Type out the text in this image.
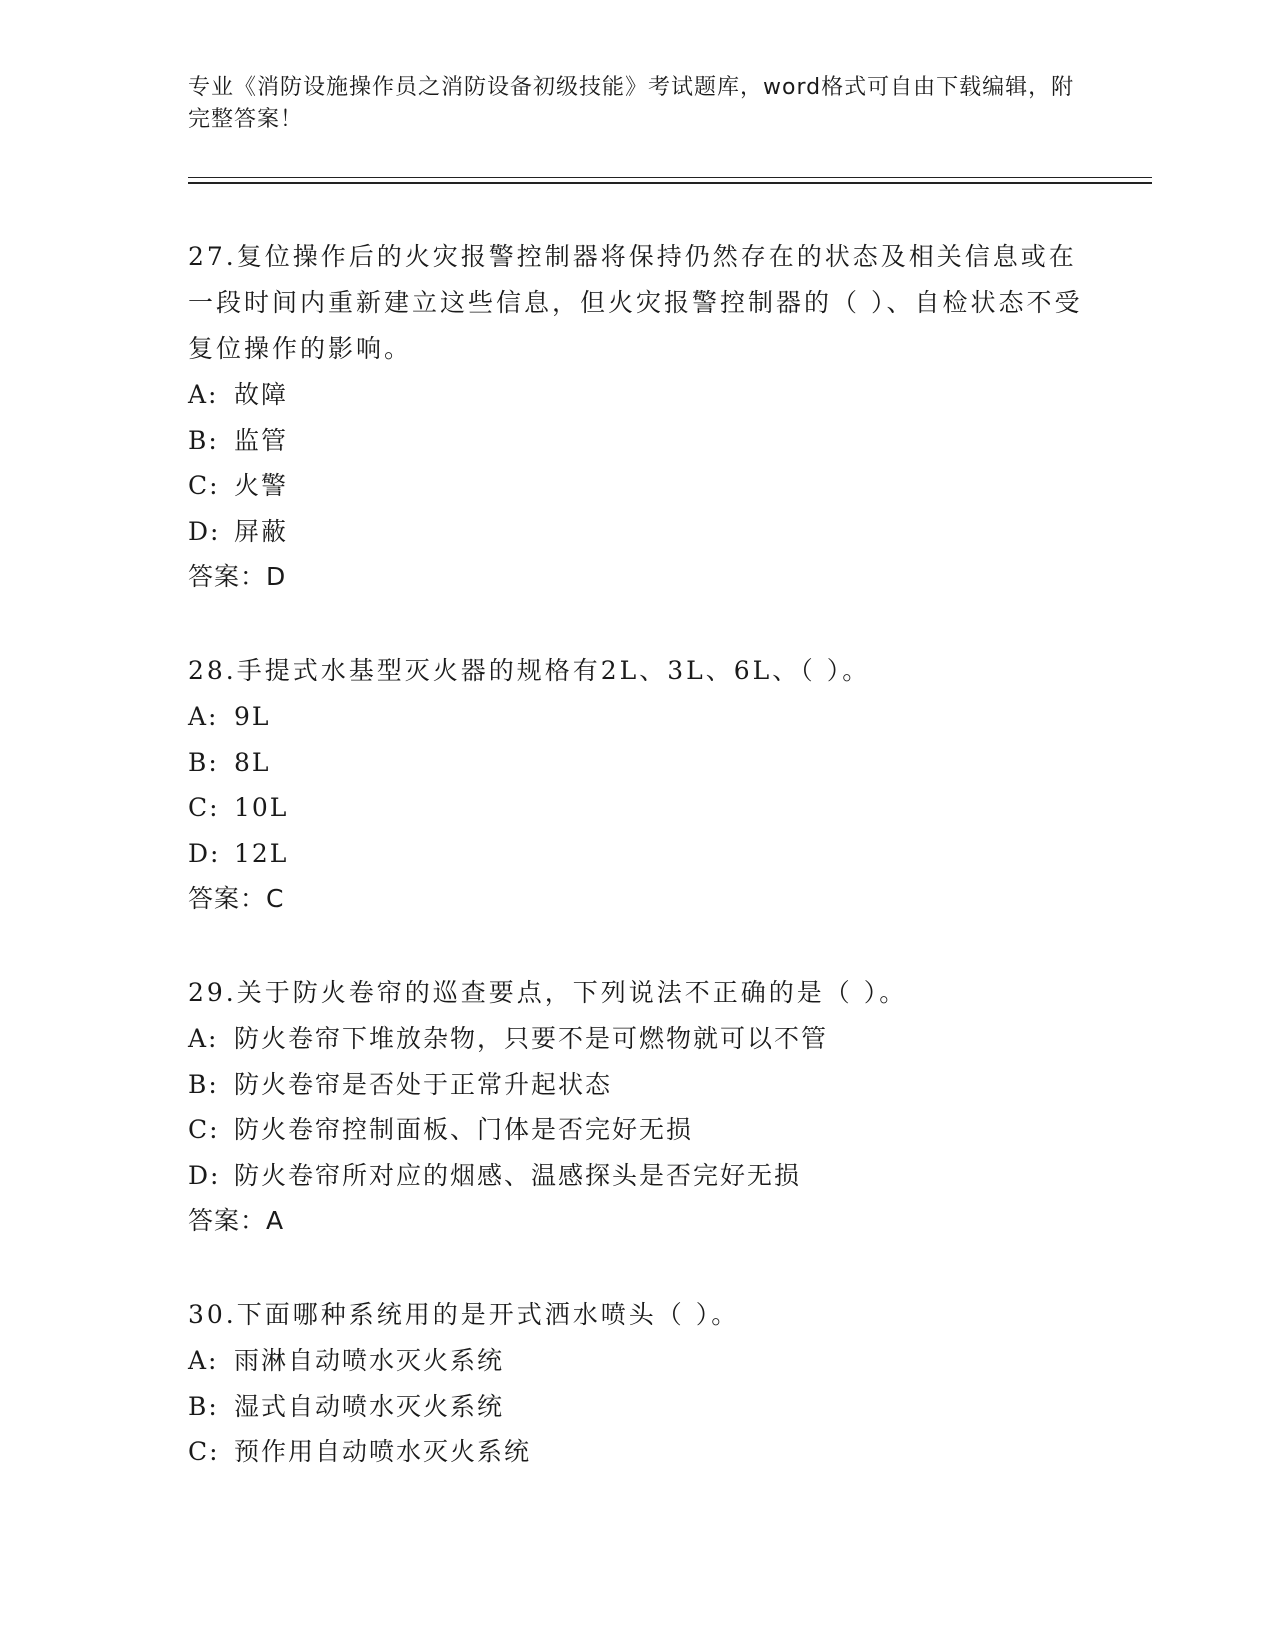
专业《消防设施操作员之消防设备初级技能》考试题库，word格式可自由下载编辑，附完整答案！

27.复位操作后的火灾报警控制器将保持仍然存在的状态及相关信息或在一段时间内重新建立这些信息，但火灾报警控制器的（ ）、自检状态不受复位操作的影响。

A: 故障
B: 监管
C: 火警
D: 屏蔽
答案：D

28.手提式水基型灭火器的规格有2L、3L、6L、（ ）。

A: 9L
B: 8L
C: 10L
D: 12L
答案：C

29.关于防火卷帘的巡查要点，下列说法不正确的是（ ）。

A: 防火卷帘下堆放杂物，只要不是可燃物就可以不管
B: 防火卷帘是否处于正常升起状态
C: 防火卷帘控制面板、门体是否完好无损
D: 防火卷帘所对应的烟感、温感探头是否完好无损
答案：A

30.下面哪种系统用的是开式洒水喷头（ ）。

A: 雨淋自动喷水灭火系统
B: 湿式自动喷水灭火系统
C: 预作用自动喷水灭火系统
